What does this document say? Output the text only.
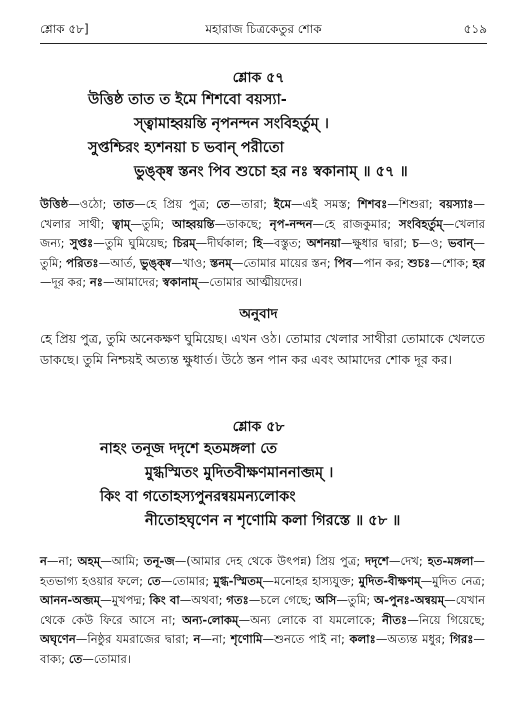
শ্লোক ৫৮]	মহারাজ চিত্রকেতুর শোক	৫১৯
শ্লোক ৫৭
উত্তিষ্ঠ তাত ত ইমে শিশবো বয়স্যা-
স্ত্বামাহ্বয়ন্তি নৃপনন্দন সংবিহর্তুম্ ।
সুপ্তশ্চিরং হ্যশনয়া চ ভবান্ পরীতো
ভুঙ্ক্ষ্ব স্তনং পিব শুচো হর নঃ স্বকানাম্ ॥ ৫৭ ॥
উত্তিষ্ঠ—ওঠো; তাত—হে প্রিয় পুত্র; তে—তারা; ইমে—এই সমস্ত; শিশবঃ—শিশুরা; বয়স্যাঃ—খেলার সাথী; ত্বাম্—তুমি; আহ্বয়ন্তি—ডাকছে; নৃপ-নন্দন—হে রাজকুমার; সংবিহর্তুম্—খেলার জন্য; সুপ্তঃ—তুমি ঘুমিয়েছ; চিরম্—দীর্ঘকাল; হি—বস্তুত; অশনয়া—ক্ষুধার দ্বারা; চ—ও; ভবান্—তুমি; পরিতঃ—আর্ত, ভুঙ্ক্ষ্ব—খাও; স্তনম্—তোমার মায়ের স্তন; পিব—পান কর; শুচঃ—শোক; হর—দূর কর; নঃ—আমাদের; স্বকানাম্—তোমার আত্মীয়দের।
অনুবাদ
হে প্রিয় পুত্র, তুমি অনেকক্ষণ ঘুমিয়েছ। এখন ওঠ। তোমার খেলার সাথীরা তোমাকে খেলতে ডাকছে। তুমি নিশ্চয়ই অত্যন্ত ক্ষুধার্ত। উঠে স্তন পান কর এবং আমাদের শোক দূর কর।
শ্লোক ৫৮
নাহং তনূজ দদৃশে হতমঙ্গলা তে
মুগ্ধস্মিতং মুদিতবীক্ষণমাননাব্জম্ ।
কিং বা গতোহস্যপুনরন্বয়মন্যলোকং
নীতোহঘৃণেন ন শৃণোমি কলা গিরস্তে ॥ ৫৮ ॥
ন—না; অহম্—আমি; তনূ-জ—(আমার দেহ থেকে উৎপন্ন) প্রিয় পুত্র; দদৃশে—দেখ; হত-মঙ্গলা—হতভাগ্য হওয়ার ফলে; তে—তোমার; মুগ্ধ-স্মিতম্—মনোহর হাস্যযুক্ত; মুদিত-বীক্ষণম্—মুদিত নেত্র; আনন-অব্জম্—মুখপদ্ম; কিং বা—অথবা; গতঃ—চলে গেছে; অসি—তুমি; অ-পুনঃ-অন্বয়ম্—যেখান থেকে কেউ ফিরে আসে না; অন্য-লোকম্—অন্য লোকে বা যমলোকে; নীতঃ—নিয়ে গিয়েছে; অঘৃণেন—নিষ্ঠুর যমরাজের দ্বারা; ন—না; শৃণোমি—শুনতে পাই না; কলাঃ—অত্যন্ত মধুর; গিরঃ—বাক্য; তে—তোমার।
